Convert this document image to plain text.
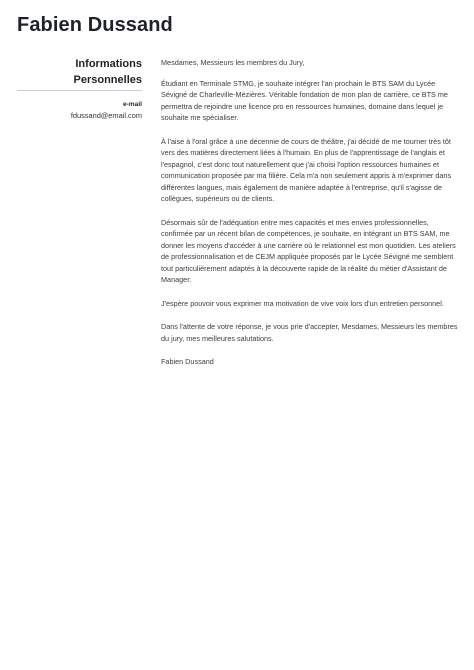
Fabien Dussand
Informations Personnelles
e-mail
fdussand@email.com

Mesdames, Messieurs les membres du Jury,

Étudiant en Terminale STMG, je souhaite intégrer l'an prochain le BTS SAM du Lycée Sévigné de Charleville-Mézières. Véritable fondation de mon plan de carrière, ce BTS me permettra de rejoindre une licence pro en ressources humaines, domaine dans lequel je souhaite me spécialiser.

À l'aise à l'oral grâce à une décennie de cours de théâtre, j'ai décidé de me tourner très tôt vers des matières directement liées à l'humain. En plus de l'apprentissage de l'anglais et l'espagnol, c'est donc tout naturellement que j'ai choisi l'option ressources humaines et communication proposée par ma filière. Cela m'a non seulement appris à m'exprimer dans différentes langues, mais également de manière adaptée à l'entreprise, qu'il s'agisse de collègues, supérieurs ou de clients.

Désormais sûr de l'adéquation entre mes capacités et mes envies professionnelles, confirmée par un récent bilan de compétences, je souhaite, en intégrant un BTS SAM, me donner les moyens d'accéder à une carrière où le relationnel est mon quotidien. Les ateliers de professionnalisation et de CEJM appliquée proposés par le Lycée Sévigné me semblent tout particulièrement adaptés à la découverte rapide de la réalité du métier d'Assistant de Manager.

J'espère pouvoir vous exprimer ma motivation de vive voix lors d'un entretien personnel.

Dans l'attente de votre réponse, je vous prie d'accepter, Mesdames, Messieurs les membres du jury, mes meilleures salutations.

Fabien Dussand
